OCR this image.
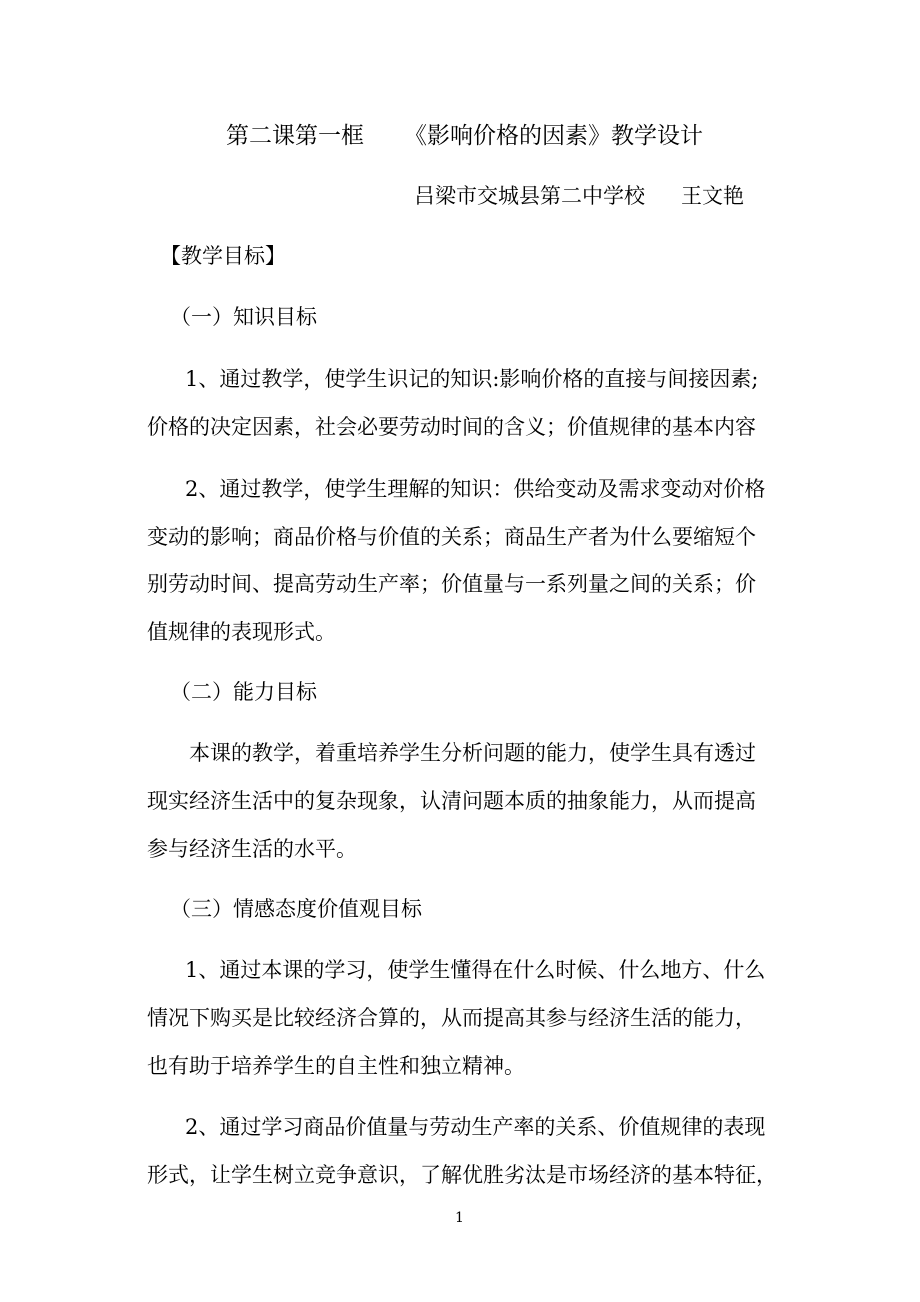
第二课第一框 《影响价格的因素》教学设计
吕梁市交城县第二中学校 王文艳
【教学目标】
（一）知识目标
1、通过教学，使学生识记的知识:影响价格的直接与间接因素;
价格的决定因素，社会必要劳动时间的含义；价值规律的基本内容
2、通过教学，使学生理解的知识：供给变动及需求变动对价格
变动的影响；商品价格与价值的关系；商品生产者为什么要缩短个
别劳动时间、提高劳动生产率；价值量与一系列量之间的关系；价
值规律的表现形式。
（二）能力目标
本课的教学，着重培养学生分析问题的能力，使学生具有透过
现实经济生活中的复杂现象，认清问题本质的抽象能力，从而提高
参与经济生活的水平。
（三）情感态度价值观目标
1、通过本课的学习，使学生懂得在什么时候、什么地方、什么
情况下购买是比较经济合算的，从而提高其参与经济生活的能力，
也有助于培养学生的自主性和独立精神。
2、通过学习商品价值量与劳动生产率的关系、价值规律的表现
形式，让学生树立竞争意识，了解优胜劣汰是市场经济的基本特征，
1
